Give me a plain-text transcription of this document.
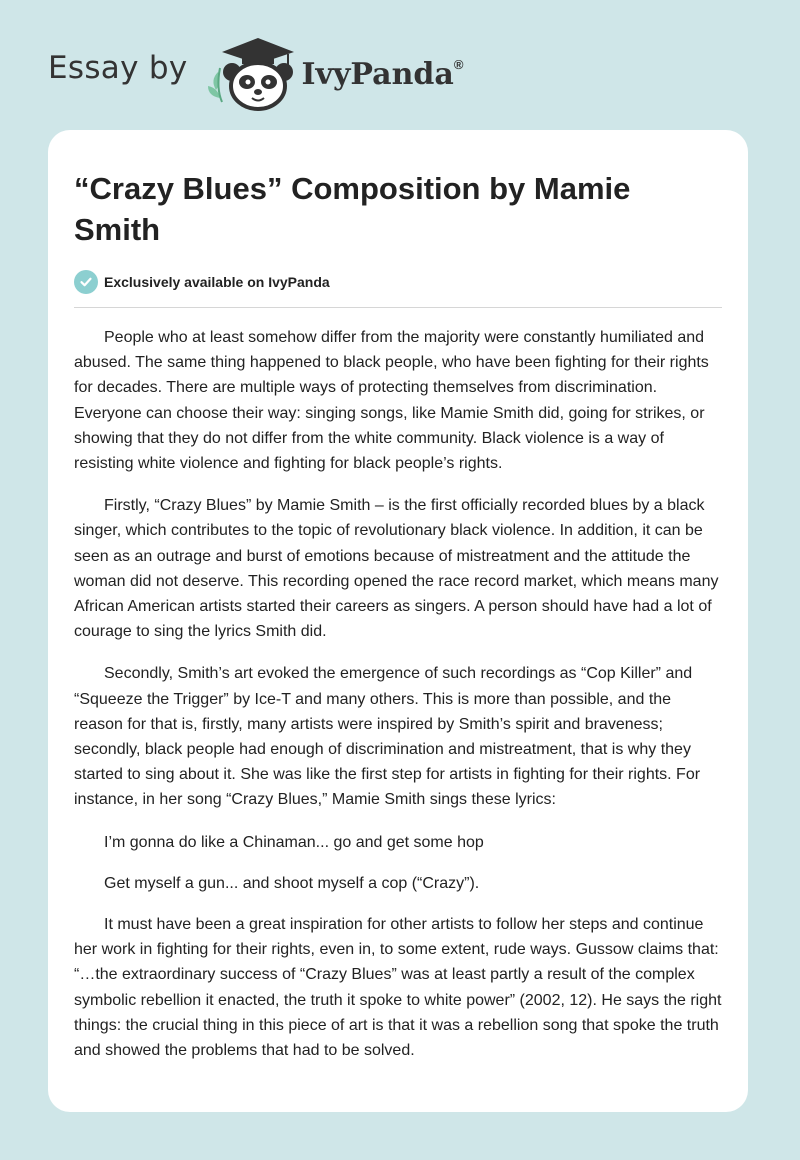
Essay by	IvyPanda®
“Crazy Blues” Composition by Mamie Smith
Exclusively available on IvyPanda

People who at least somehow differ from the majority were constantly humiliated and abused. The same thing happened to black people, who have been fighting for their rights for decades. There are multiple ways of protecting themselves from discrimination. Everyone can choose their way: singing songs, like Mamie Smith did, going for strikes, or showing that they do not differ from the white community. Black violence is a way of resisting white violence and fighting for black people’s rights.

Firstly, “Crazy Blues” by Mamie Smith – is the first officially recorded blues by a black singer, which contributes to the topic of revolutionary black violence. In addition, it can be seen as an outrage and burst of emotions because of mistreatment and the attitude the woman did not deserve. This recording opened the race record market, which means many African American artists started their careers as singers. A person should have had a lot of courage to sing the lyrics Smith did.

Secondly, Smith’s art evoked the emergence of such recordings as “Cop Killer” and “Squeeze the Trigger” by Ice-T and many others. This is more than possible, and the reason for that is, firstly, many artists were inspired by Smith’s spirit and braveness; secondly, black people had enough of discrimination and mistreatment, that is why they started to sing about it. She was like the first step for artists in fighting for their rights. For instance, in her song “Crazy Blues,” Mamie Smith sings these lyrics:

I’m gonna do like a Chinaman... go and get some hop

Get myself a gun... and shoot myself a cop (“Crazy”).

It must have been a great inspiration for other artists to follow her steps and continue her work in fighting for their rights, even in, to some extent, rude ways. Gussow claims that: “…the extraordinary success of “Crazy Blues” was at least partly a result of the complex symbolic rebellion it enacted, the truth it spoke to white power” (2002, 12). He says the right things: the crucial thing in this piece of art is that it was a rebellion song that spoke the truth and showed the problems that had to be solved.
